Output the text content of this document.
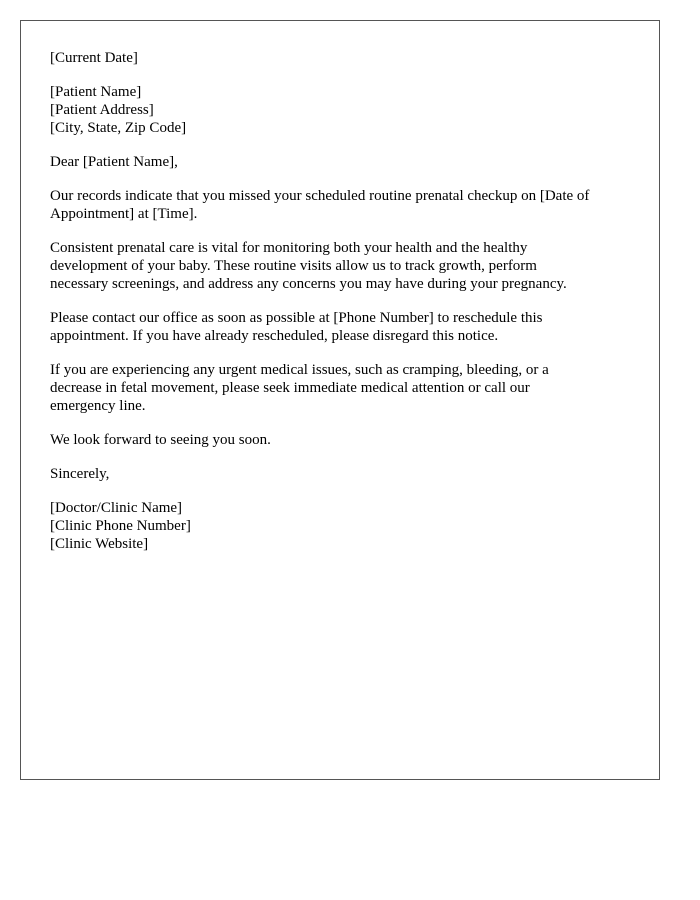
[Current Date]
[Patient Name]
[Patient Address]
[City, State, Zip Code]
Dear [Patient Name],

Our records indicate that you missed your scheduled routine prenatal checkup on [Date of
Appointment] at [Time].

Consistent prenatal care is vital for monitoring both your health and the healthy
development of your baby. These routine visits allow us to track growth, perform
necessary screenings, and address any concerns you may have during your pregnancy.

Please contact our office as soon as possible at [Phone Number] to reschedule this
appointment. If you have already rescheduled, please disregard this notice.

If you are experiencing any urgent medical issues, such as cramping, bleeding, or a
decrease in fetal movement, please seek immediate medical attention or call our
emergency line.

We look forward to seeing you soon.
Sincerely,
[Doctor/Clinic Name]
[Clinic Phone Number]
[Clinic Website]
